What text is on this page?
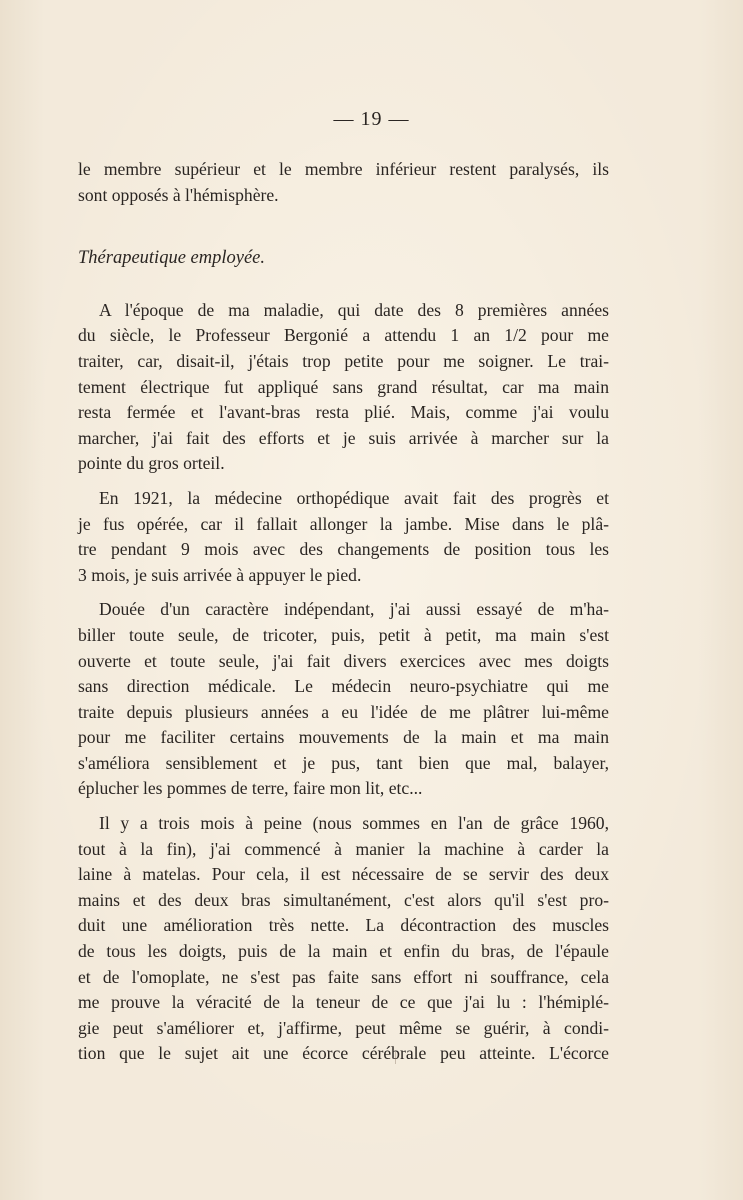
— 19 —
le membre supérieur et le membre inférieur restent paralysés, ils
sont opposés à l'hémisphère.
Thérapeutique employée.
A l'époque de ma maladie, qui date des 8 premières années
du siècle, le Professeur Bergonié a attendu 1 an 1/2 pour me
traiter, car, disait-il, j'étais trop petite pour me soigner. Le trai-
tement électrique fut appliqué sans grand résultat, car ma main
resta fermée et l'avant-bras resta plié. Mais, comme j'ai voulu
marcher, j'ai fait des efforts et je suis arrivée à marcher sur la
pointe du gros orteil.
En 1921, la médecine orthopédique avait fait des progrès et
je fus opérée, car il fallait allonger la jambe. Mise dans le plâ-
tre pendant 9 mois avec des changements de position tous les
3 mois, je suis arrivée à appuyer le pied.
Douée d'un caractère indépendant, j'ai aussi essayé de m'ha-
biller toute seule, de tricoter, puis, petit à petit, ma main s'est
ouverte et toute seule, j'ai fait divers exercices avec mes doigts
sans direction médicale. Le médecin neuro-psychiatre qui me
traite depuis plusieurs années a eu l'idée de me plâtrer lui-même
pour me faciliter certains mouvements de la main et ma main
s'améliora sensiblement et je pus, tant bien que mal, balayer,
éplucher les pommes de terre, faire mon lit, etc...
Il y a trois mois à peine (nous sommes en l'an de grâce 1960,
tout à la fin), j'ai commencé à manier la machine à carder la
laine à matelas. Pour cela, il est nécessaire de se servir des deux
mains et des deux bras simultanément, c'est alors qu'il s'est pro-
duit une amélioration très nette. La décontraction des muscles
de tous les doigts, puis de la main et enfin du bras, de l'épaule
et de l'omoplate, ne s'est pas faite sans effort ni souffrance, cela
me prouve la véracité de la teneur de ce que j'ai lu : l'hémiplé-
gie peut s'améliorer et, j'affirme, peut même se guérir, à condi-
tion que le sujet ait une écorce cérébrale peu atteinte. L'écorce
